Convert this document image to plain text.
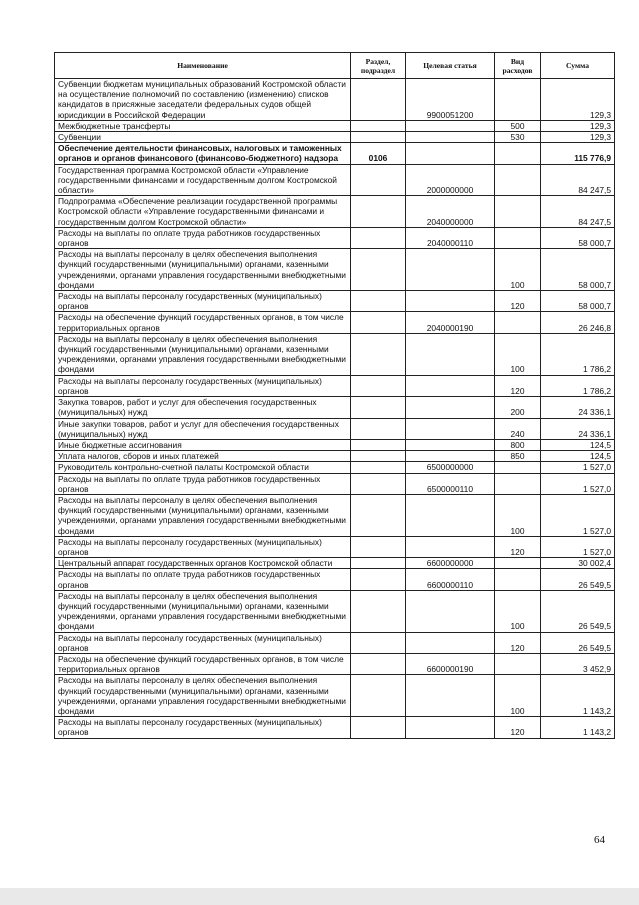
Наименование	Раздел, подраздел	Целевая статья	Вид расходов	Сумма
Субвенции бюджетам муниципальных образований Костромской области на осуществление полномочий по составлению (изменению) списков кандидатов в присяжные заседатели федеральных судов общей юрисдикции в Российской Федерации		9900051200		129,3
Межбюджетные трансферты			500	129,3
Субвенции			530	129,3
Обеспечение деятельности финансовых, налоговых и таможенных органов и органов финансового (финансово-бюджетного) надзора	0106			115 776,9
Государственная программа Костромской области «Управление государственными финансами и государственным долгом Костромской области»		2000000000		84 247,5
Подпрограмма «Обеспечение реализации государственной программы Костромской области «Управление государственными финансами и государственным долгом Костромской области»		2040000000		84 247,5
Расходы на выплаты по оплате труда работников государственных органов		2040000110		58 000,7
Расходы на выплаты персоналу в целях обеспечения выполнения функций государственными (муниципальными) органами, казенными учреждениями, органами управления государственными внебюджетными фондами			100	58 000,7
Расходы на выплаты персоналу государственных (муниципальных) органов			120	58 000,7
Расходы на обеспечение функций государственных органов, в том числе территориальных органов		2040000190		26 246,8
Расходы на выплаты персоналу в целях обеспечения выполнения функций государственными (муниципальными) органами, казенными учреждениями, органами управления государственными внебюджетными фондами			100	1 786,2
Расходы на выплаты персоналу государственных (муниципальных) органов			120	1 786,2
Закупка товаров, работ и услуг для обеспечения государственных (муниципальных) нужд			200	24 336,1
Иные закупки товаров, работ и услуг для обеспечения государственных (муниципальных) нужд			240	24 336,1
Иные бюджетные ассигнования			800	124,5
Уплата налогов, сборов и иных платежей			850	124,5
Руководитель контрольно-счетной палаты Костромской области		6500000000		1 527,0
Расходы на выплаты по оплате труда работников государственных органов		6500000110		1 527,0
Расходы на выплаты персоналу в целях обеспечения выполнения функций государственными (муниципальными) органами, казенными учреждениями, органами управления государственными внебюджетными фондами			100	1 527,0
Расходы на выплаты персоналу государственных (муниципальных) органов			120	1 527,0
Центральный аппарат государственных органов Костромской области		6600000000		30 002,4
Расходы на выплаты по оплате труда работников государственных органов		6600000110		26 549,5
Расходы на выплаты персоналу в целях обеспечения выполнения функций государственными (муниципальными) органами, казенными учреждениями, органами управления государственными внебюджетными фондами			100	26 549,5
Расходы на выплаты персоналу государственных (муниципальных) органов			120	26 549,5
Расходы на обеспечение функций государственных органов, в том числе территориальных органов		6600000190		3 452,9
Расходы на выплаты персоналу в целях обеспечения выполнения функций государственными (муниципальными) органами, казенными учреждениями, органами управления государственными внебюджетными фондами			100	1 143,2
Расходы на выплаты персоналу государственных (муниципальных) органов			120	1 143,2
64
